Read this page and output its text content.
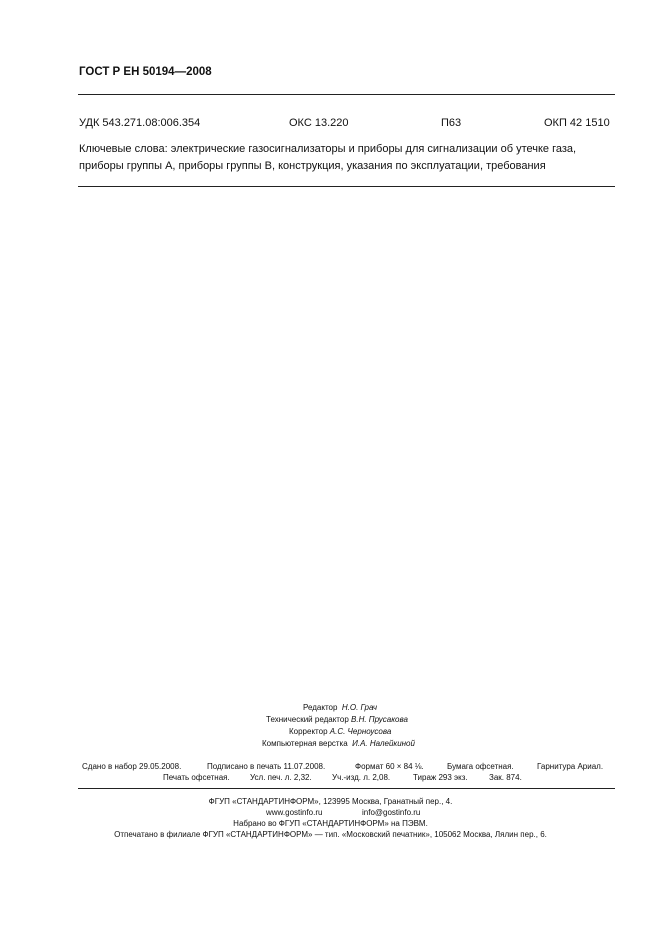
ГОСТ Р ЕН 50194—2008
УДК 543.271.08:006.354	ОКС 13.220	П63	ОКП 42 1510
Ключевые слова: электрические газосигнализаторы и приборы для сигнализации об утечке газа, приборы группы А, приборы группы В, конструкция, указания по эксплуатации, требования
Редактор Н.О. Грач
Технический редактор В.Н. Прусакова
Корректор А.С. Черноусова
Компьютерная верстка И.А. Налейкиной
Сдано в набор 29.05.2008.	Подписано в печать 11.07.2008.	Формат 60 × 84 ⅛.	Бумага офсетная.	Гарнитура Ариал.
Печать офсетная.	Усл. печ. л. 2,32.	Уч.-изд. л. 2,08.	Тираж 293 экз.	Зак. 874.
ФГУП «СТАНДАРТИНФОРМ», 123995 Москва, Гранатный пер., 4.
www.gostinfo.ru	info@gostinfo.ru
Набрано во ФГУП «СТАНДАРТИНФОРМ» на ПЭВМ.
Отпечатано в филиале ФГУП «СТАНДАРТИНФОРМ» — тип. «Московский печатник», 105062 Москва, Лялин пер., 6.
